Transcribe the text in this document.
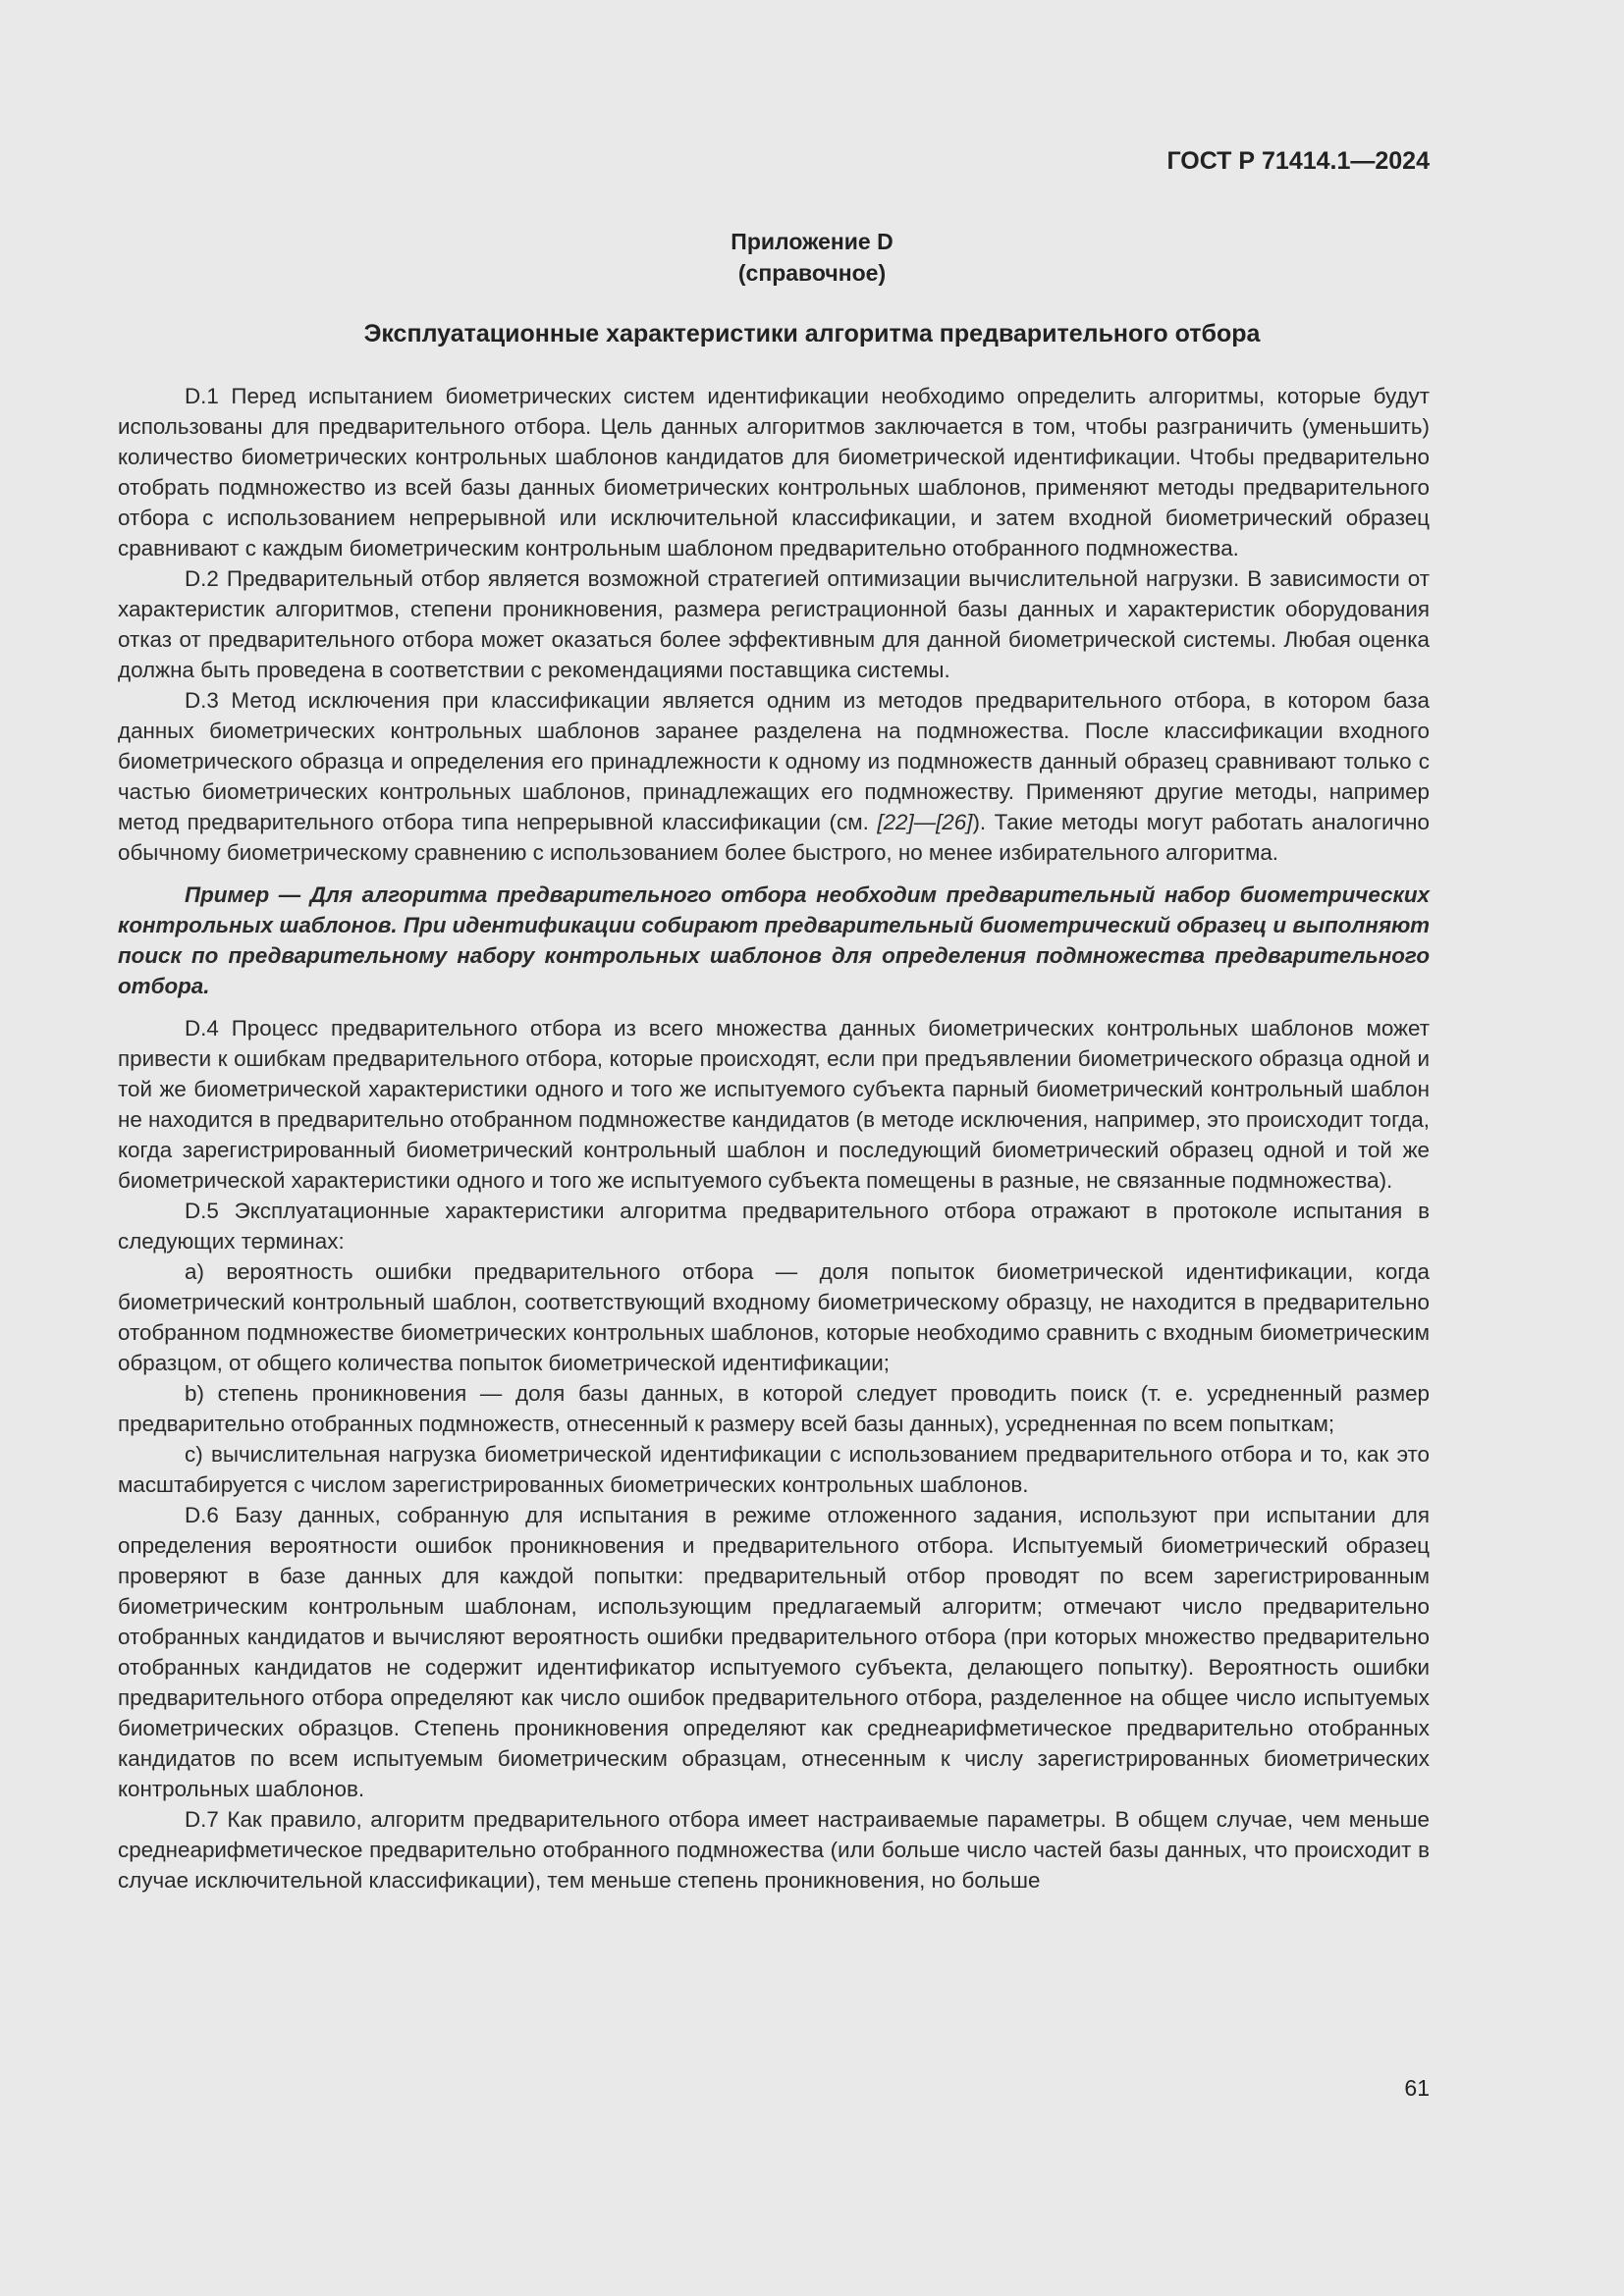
ГОСТ Р 71414.1—2024
Приложение D
(справочное)
Эксплуатационные характеристики алгоритма предварительного отбора

D.1 Перед испытанием биометрических систем идентификации необходимо определить алгоритмы, которые будут использованы для предварительного отбора. Цель данных алгоритмов заключается в том, чтобы разграничить (уменьшить) количество биометрических контрольных шаблонов кандидатов для биометрической идентификации. Чтобы предварительно отобрать подмножество из всей базы данных биометрических контрольных шаблонов, применяют методы предварительного отбора с использованием непрерывной или исключительной классификации, и затем входной биометрический образец сравнивают с каждым биометрическим контрольным шаблоном предварительно отобранного подмножества.

D.2 Предварительный отбор является возможной стратегией оптимизации вычислительной нагрузки. В зависимости от характеристик алгоритмов, степени проникновения, размера регистрационной базы данных и характеристик оборудования отказ от предварительного отбора может оказаться более эффективным для данной биометрической системы. Любая оценка должна быть проведена в соответствии с рекомендациями поставщика системы.

D.3 Метод исключения при классификации является одним из методов предварительного отбора, в котором база данных биометрических контрольных шаблонов заранее разделена на подмножества. После классификации входного биометрического образца и определения его принадлежности к одному из подмножеств данный образец сравнивают только с частью биометрических контрольных шаблонов, принадлежащих его подмножеству. Применяют другие методы, например метод предварительного отбора типа непрерывной классификации (см. [22]—[26]). Такие методы могут работать аналогично обычному биометрическому сравнению с использованием более быстрого, но менее избирательного алгоритма.

Пример — Для алгоритма предварительного отбора необходим предварительный набор биометрических контрольных шаблонов. При идентификации собирают предварительный биометрический образец и выполняют поиск по предварительному набору контрольных шаблонов для определения подмножества предварительного отбора.

D.4 Процесс предварительного отбора из всего множества данных биометрических контрольных шаблонов может привести к ошибкам предварительного отбора, которые происходят, если при предъявлении биометрического образца одной и той же биометрической характеристики одного и того же испытуемого субъекта парный биометрический контрольный шаблон не находится в предварительно отобранном подмножестве кандидатов (в методе исключения, например, это происходит тогда, когда зарегистрированный биометрический контрольный шаблон и последующий биометрический образец одной и той же биометрической характеристики одного и того же испытуемого субъекта помещены в разные, не связанные подмножества).

D.5 Эксплуатационные характеристики алгоритма предварительного отбора отражают в протоколе испытания в следующих терминах:

a) вероятность ошибки предварительного отбора — доля попыток биометрической идентификации, когда биометрический контрольный шаблон, соответствующий входному биометрическому образцу, не находится в предварительно отобранном подмножестве биометрических контрольных шаблонов, которые необходимо сравнить с входным биометрическим образцом, от общего количества попыток биометрической идентификации;

b) степень проникновения — доля базы данных, в которой следует проводить поиск (т. е. усредненный размер предварительно отобранных подмножеств, отнесенный к размеру всей базы данных), усредненная по всем попыткам;

c) вычислительная нагрузка биометрической идентификации с использованием предварительного отбора и то, как это масштабируется с числом зарегистрированных биометрических контрольных шаблонов.

D.6 Базу данных, собранную для испытания в режиме отложенного задания, используют при испытании для определения вероятности ошибок проникновения и предварительного отбора. Испытуемый биометрический образец проверяют в базе данных для каждой попытки: предварительный отбор проводят по всем зарегистрированным биометрическим контрольным шаблонам, использующим предлагаемый алгоритм; отмечают число предварительно отобранных кандидатов и вычисляют вероятность ошибки предварительного отбора (при которых множество предварительно отобранных кандидатов не содержит идентификатор испытуемого субъекта, делающего попытку). Вероятность ошибки предварительного отбора определяют как число ошибок предварительного отбора, разделенное на общее число испытуемых биометрических образцов. Степень проникновения определяют как среднеарифметическое предварительно отобранных кандидатов по всем испытуемым биометрическим образцам, отнесенным к числу зарегистрированных биометрических контрольных шаблонов.

D.7 Как правило, алгоритм предварительного отбора имеет настраиваемые параметры. В общем случае, чем меньше среднеарифметическое предварительно отобранного подмножества (или больше число частей базы данных, что происходит в случае исключительной классификации), тем меньше степень проникновения, но больше

61
